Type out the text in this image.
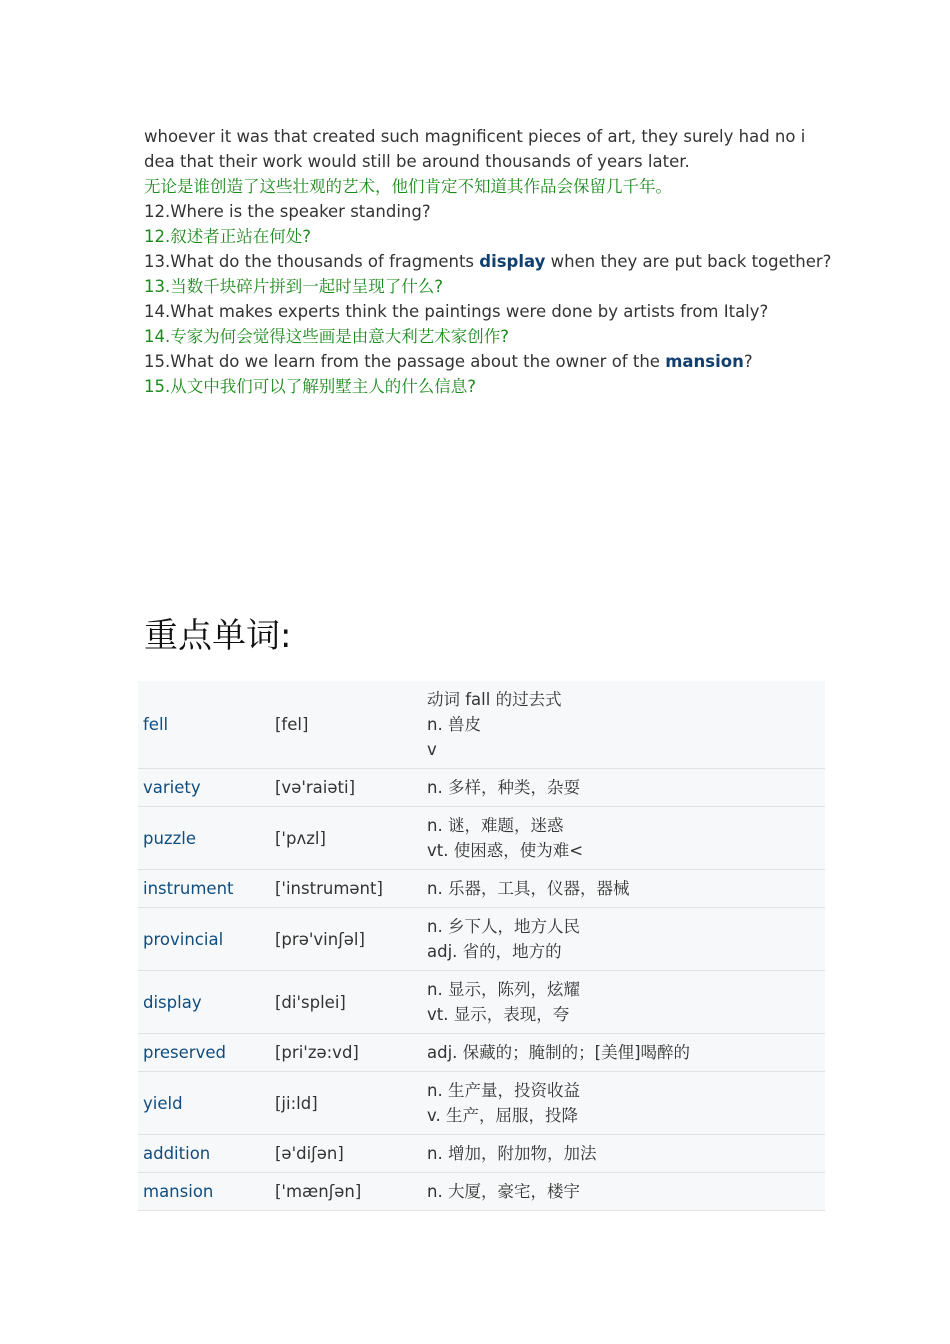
whoever it was that created such magnificent pieces of art, they surely had no idea that their work would still be around thousands of years later.
无论是谁创造了这些壮观的艺术，他们肯定不知道其作品会保留几千年。
12.Where is the speaker standing?
12.叙述者正站在何处?
13.What do the thousands of fragments display when they are put back together?
13.当数千块碎片拼到一起时呈现了什么?
14.What makes experts think the paintings were done by artists from Italy?
14.专家为何会觉得这些画是由意大利艺术家创作?
15.What do we learn from the passage about the owner of the mansion?
15.从文中我们可以了解别墅主人的什么信息?
重点单词:
fell	[fel]	动词 fall 的过去式
n. 兽皮
v

variety	[və'raiəti]	n. 多样，种类，杂耍

puzzle	['pʌzl]	n. 谜，难题，迷惑
vt. 使困惑，使为难<

instrument	['instrumənt]	n. 乐器，工具，仪器，器械

provincial	[prə'vinʃəl]	n. 乡下人，地方人民
adj. 省的，地方的

display	[di'splei]	n. 显示，陈列，炫耀
vt. 显示，表现，夸

preserved	[pri'zə:vd]	adj. 保藏的；腌制的；[美俚]喝醉的

yield	[ji:ld]	n. 生产量，投资收益
v. 生产，屈服，投降

addition	[ə'diʃən]	n. 增加，附加物，加法

mansion	['mænʃən]	n. 大厦，豪宅，楼宇
